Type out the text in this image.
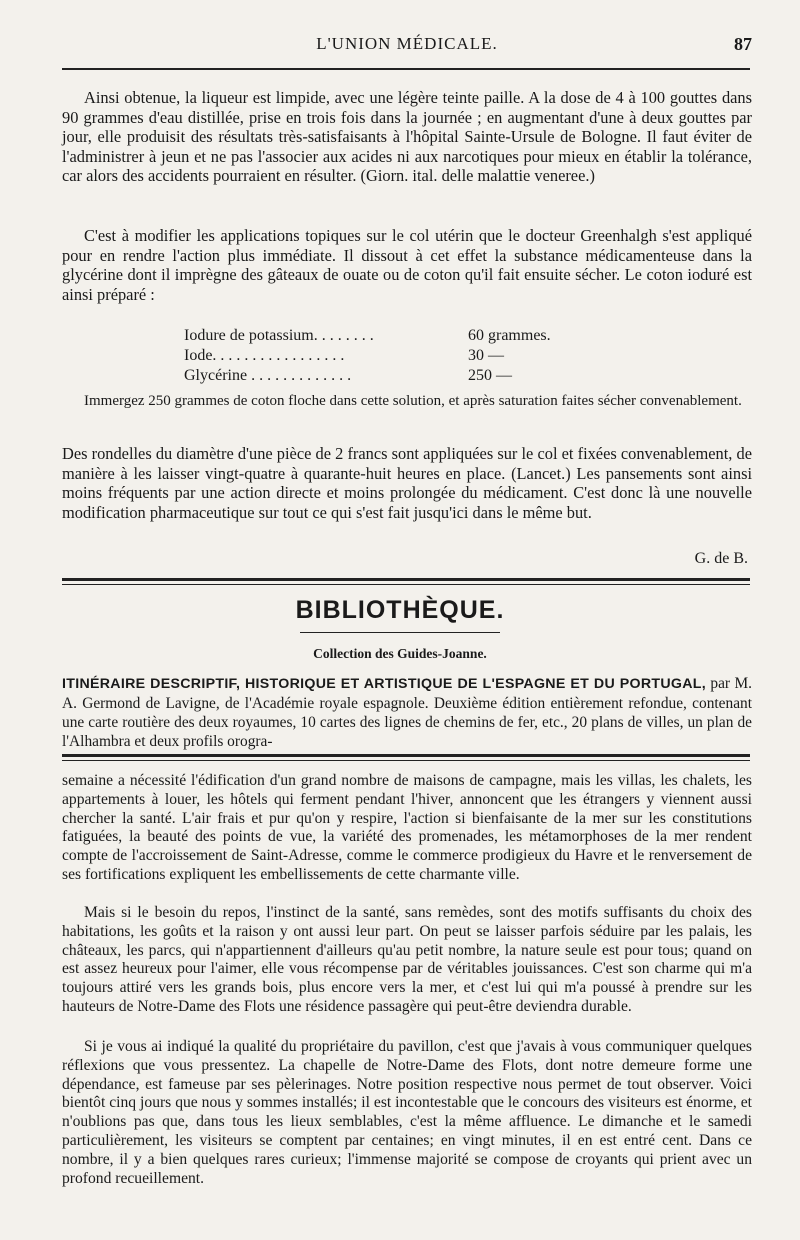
L'UNION MÉDICALE.	87

Ainsi obtenue, la liqueur est limpide, avec une légère teinte paille. A la dose de 4 à 100 gouttes dans 90 grammes d'eau distillée, prise en trois fois dans la journée ; en augmentant d'une à deux gouttes par jour, elle produisit des résultats très-satisfaisants à l'hôpital Sainte-Ursule de Bologne. Il faut éviter de l'administrer à jeun et ne pas l'associer aux acides ni aux narcotiques pour mieux en établir la tolérance, car alors des accidents pourraient en résulter. (Giorn. ital. delle malattie veneree.)

C'est à modifier les applications topiques sur le col utérin que le docteur Greenhalgh s'est appliqué pour en rendre l'action plus immédiate. Il dissout à cet effet la substance médicamenteuse dans la glycérine dont il imprègne des gâteaux de ouate ou de coton qu'il fait ensuite sécher. Le coton ioduré est ainsi préparé :

Iodure de potassium. . . . . . . .	60 grammes.
Iode. . . . . . . . . . . . . . . . .	30 —
Glycérine . . . . . . . . . . . . .	250 —
Immergez 250 grammes de coton floche dans cette solution, et après saturation faites sécher convenablement.

Des rondelles du diamètre d'une pièce de 2 francs sont appliquées sur le col et fixées convenablement, de manière à les laisser vingt-quatre à quarante-huit heures en place. (Lancet.) Les pansements sont ainsi moins fréquents par une action directe et moins prolongée du médicament. C'est donc là une nouvelle modification pharmaceutique sur tout ce qui s'est fait jusqu'ici dans le même but.

G. de B.
BIBLIOTHÈQUE.
Collection des Guides-Joanne.
ITINÉRAIRE DESCRIPTIF, HISTORIQUE ET ARTISTIQUE DE L'ESPAGNE ET DU PORTUGAL, par M. A. Germond de Lavigne, de l'Académie royale espagnole. Deuxième édition entièrement refondue, contenant une carte routière des deux royaumes, 10 cartes des lignes de chemins de fer, etc., 20 plans de villes, un plan de l'Alhambra et deux profils orogra-

semaine a nécessité l'édification d'un grand nombre de maisons de campagne, mais les villas, les chalets, les appartements à louer, les hôtels qui ferment pendant l'hiver, annoncent que les étrangers y viennent aussi chercher la santé. L'air frais et pur qu'on y respire, l'action si bienfaisante de la mer sur les constitutions fatiguées, la beauté des points de vue, la variété des promenades, les métamorphoses de la mer rendent compte de l'accroissement de Saint-Adresse, comme le commerce prodigieux du Havre et le renversement de ses fortifications expliquent les embellissements de cette charmante ville.

Mais si le besoin du repos, l'instinct de la santé, sans remèdes, sont des motifs suffisants du choix des habitations, les goûts et la raison y ont aussi leur part. On peut se laisser parfois séduire par les palais, les châteaux, les parcs, qui n'appartiennent d'ailleurs qu'au petit nombre, la nature seule est pour tous; quand on est assez heureux pour l'aimer, elle vous récompense par de véritables jouissances. C'est son charme qui m'a toujours attiré vers les grands bois, plus encore vers la mer, et c'est lui qui m'a poussé à prendre sur les hauteurs de Notre-Dame des Flots une résidence passagère qui peut-être deviendra durable.

Si je vous ai indiqué la qualité du propriétaire du pavillon, c'est que j'avais à vous communiquer quelques réflexions que vous pressentez. La chapelle de Notre-Dame des Flots, dont notre demeure forme une dépendance, est fameuse par ses pèlerinages. Notre position respective nous permet de tout observer. Voici bientôt cinq jours que nous y sommes installés; il est incontestable que le concours des visiteurs est énorme, et n'oublions pas que, dans tous les lieux semblables, c'est la même affluence. Le dimanche et le samedi particulièrement, les visiteurs se comptent par centaines; en vingt minutes, il en est entré cent. Dans ce nombre, il y a bien quelques rares curieux; l'immense majorité se compose de croyants qui prient avec un profond recueillement.
